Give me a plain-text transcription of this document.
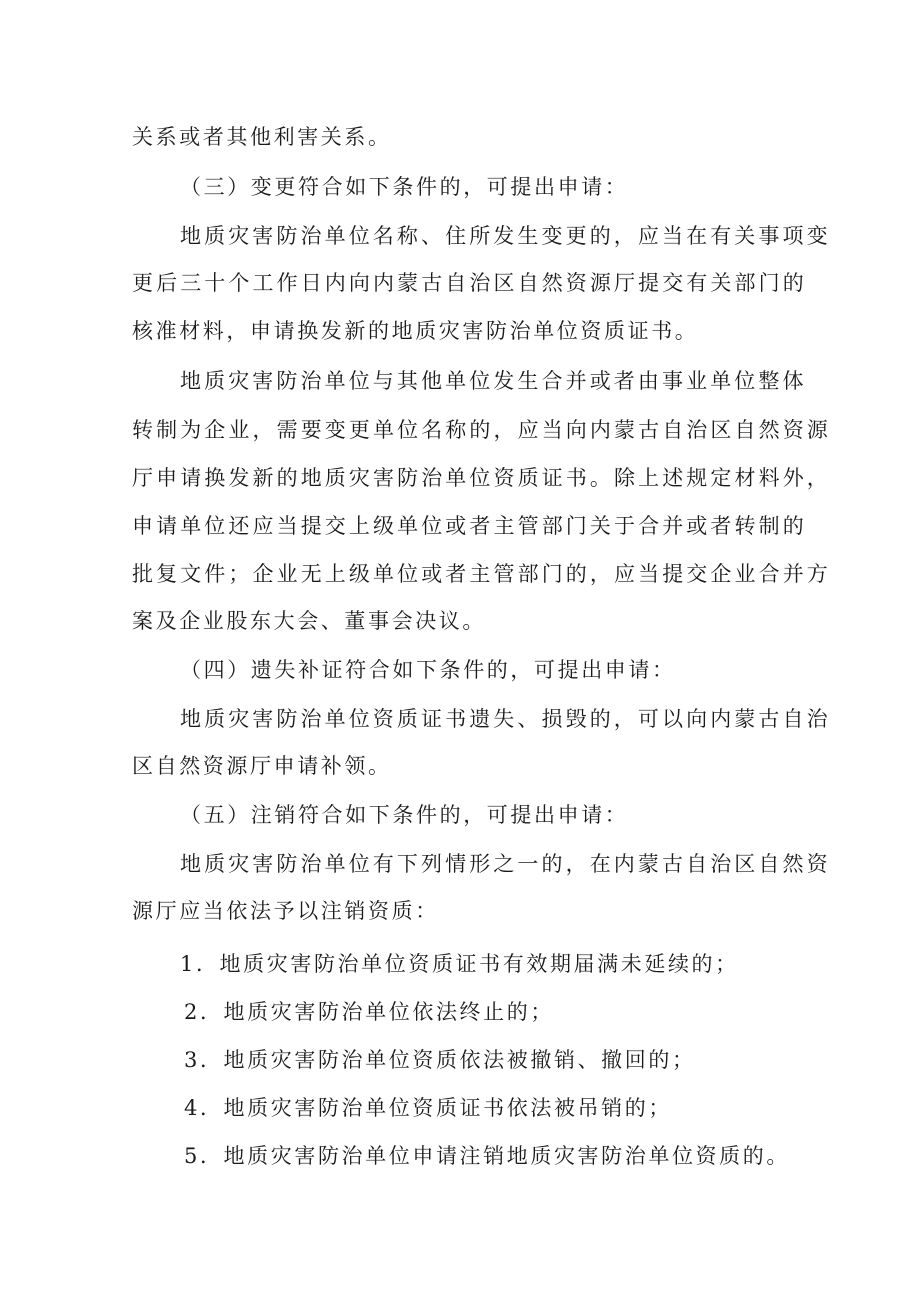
关系或者其他利害关系。
（三）变更符合如下条件的，可提出申请：
地质灾害防治单位名称、住所发生变更的，应当在有关事项变
更后三十个工作日内向内蒙古自治区自然资源厅提交有关部门的
核准材料，申请换发新的地质灾害防治单位资质证书。
地质灾害防治单位与其他单位发生合并或者由事业单位整体
转制为企业，需要变更单位名称的，应当向内蒙古自治区自然资源
厅申请换发新的地质灾害防治单位资质证书。除上述规定材料外，
申请单位还应当提交上级单位或者主管部门关于合并或者转制的
批复文件；企业无上级单位或者主管部门的，应当提交企业合并方
案及企业股东大会、董事会决议。
（四）遗失补证符合如下条件的，可提出申请：
地质灾害防治单位资质证书遗失、损毁的，可以向内蒙古自治
区自然资源厅申请补领。
（五）注销符合如下条件的，可提出申请：
地质灾害防治单位有下列情形之一的，在内蒙古自治区自然资
源厅应当依法予以注销资质：
1．地质灾害防治单位资质证书有效期届满未延续的；
2．地质灾害防治单位依法终止的；
3．地质灾害防治单位资质依法被撤销、撤回的；
4．地质灾害防治单位资质证书依法被吊销的；
5．地质灾害防治单位申请注销地质灾害防治单位资质的。
